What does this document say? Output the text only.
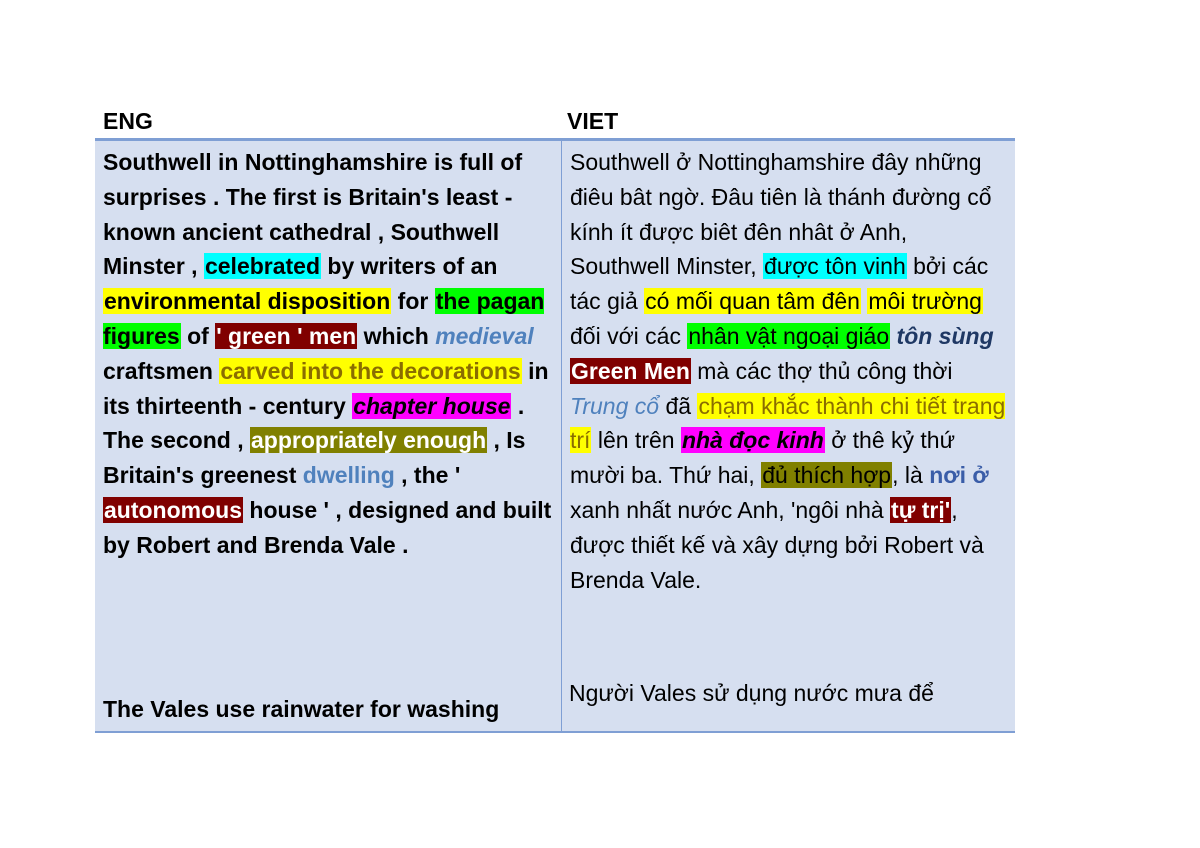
ENG	VIET
Southwell in Nottinghamshire is full of surprises . The first is Britain's least - known ancient cathedral , Southwell Minster , celebrated by writers of an environmental disposition for the pagan figures of ' green ' men which medieval craftsmen carved into the decorations in its thirteenth - century chapter house . The second , appropriately enough , Is Britain's greenest dwelling , the ' autonomous house ' , designed and built by Robert and Brenda Vale .
Southwell ở Nottinghamshire đây những điêu bât ngờ. Đâu tiên là thánh đường cổ kính ít được biêt đên nhât ở Anh, Southwell Minster, được tôn vinh bởi các tác giả có mối quan tâm đên môi trường đối với các nhân vật ngoại giáo tôn sùng Green Men mà các thợ thủ công thời Trung cổ đã chạm khắc thành chi tiết trang trí lên trên nhà đọc kinh ở thê kỷ thứ mười ba. Thứ hai, đủ thích hợp, là nơi ở xanh nhất nước Anh, 'ngôi nhà tự trị', được thiết kế và xây dựng bởi Robert và Brenda Vale.
The Vales use rainwater for washing
Người Vales sử dụng nước mưa để
